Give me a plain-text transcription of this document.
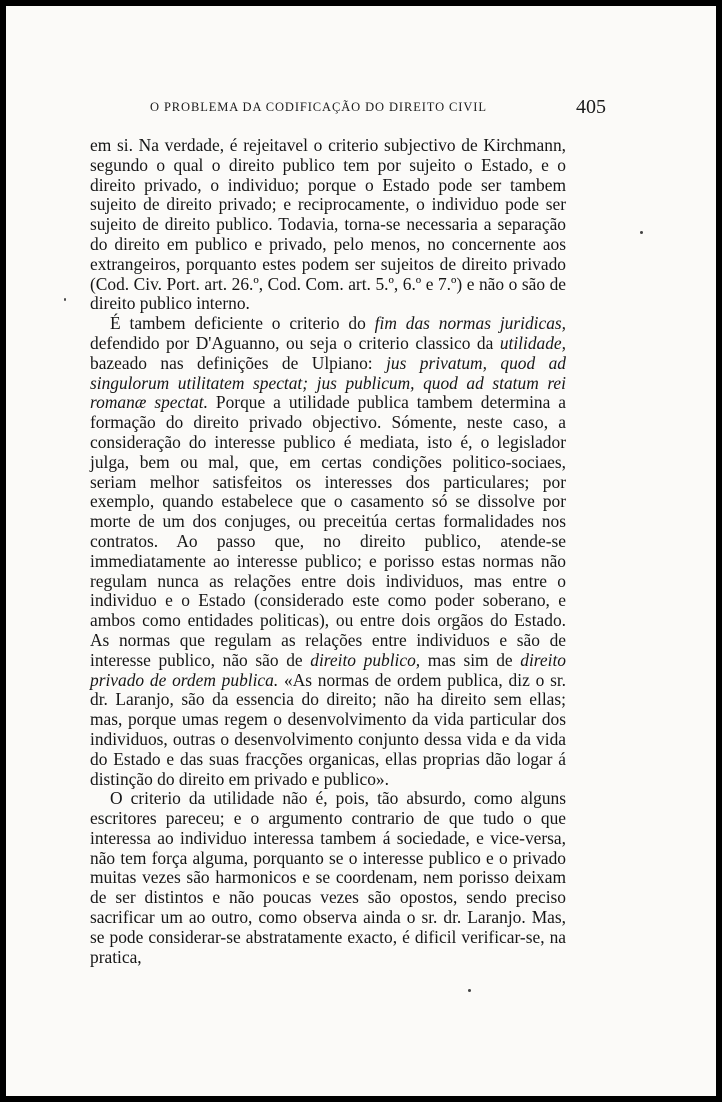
O PROBLEMA DA CODIFICAÇÃO DO DIREITO CIVIL	405

em si. Na verdade, é rejeitavel o criterio subjectivo de Kirchmann, segundo o qual o direito publico tem por sujeito o Estado, e o direito privado, o individuo; porque o Estado pode ser tambem sujeito de direito privado; e reciprocamente, o individuo pode ser sujeito de direito publico. Todavia, torna-se necessaria a separação do direito em publico e privado, pelo menos, no concernente aos extrangeiros, porquanto estes podem ser sujeitos de direito privado (Cod. Civ. Port. art. 26.º, Cod. Com. art. 5.º, 6.º e 7.º) e não o são de direito publico interno.

É tambem deficiente o criterio do fim das normas juridicas, defendido por D'Aguanno, ou seja o criterio classico da utilidade, bazeado nas definições de Ulpiano: jus privatum, quod ad singulorum utilitatem spectat; jus publicum, quod ad statum rei romanæ spectat. Porque a utilidade publica tambem determina a formação do direito privado objectivo. Sómente, neste caso, a consideração do interesse publico é mediata, isto é, o legislador julga, bem ou mal, que, em certas condições politico-sociaes, seriam melhor satisfeitos os interesses dos particulares; por exemplo, quando estabelece que o casamento só se dissolve por morte de um dos conjuges, ou preceitúa certas formalidades nos contratos. Ao passo que, no direito publico, atende-se immediatamente ao interesse publico; e porisso estas normas não regulam nunca as relações entre dois individuos, mas entre o individuo e o Estado (considerado este como poder soberano, e ambos como entidades politicas), ou entre dois orgãos do Estado. As normas que regulam as relações entre individuos e são de interesse publico, não são de direito publico, mas sim de direito privado de ordem publica. «As normas de ordem publica, diz o sr. dr. Laranjo, são da essencia do direito; não ha direito sem ellas; mas, porque umas regem o desenvolvimento da vida particular dos individuos, outras o desenvolvimento conjunto dessa vida e da vida do Estado e das suas fracções organicas, ellas proprias dão logar á distinção do direito em privado e publico».

O criterio da utilidade não é, pois, tão absurdo, como alguns escritores pareceu; e o argumento contrario de que tudo o que interessa ao individuo interessa tambem á sociedade, e vice-versa, não tem força alguma, porquanto se o interesse publico e o privado muitas vezes são harmonicos e se coordenam, nem porisso deixam de ser distintos e não poucas vezes são opostos, sendo preciso sacrificar um ao outro, como observa ainda o sr. dr. Laranjo. Mas, se pode considerar-se abstratamente exacto, é dificil verificar-se, na pratica,
